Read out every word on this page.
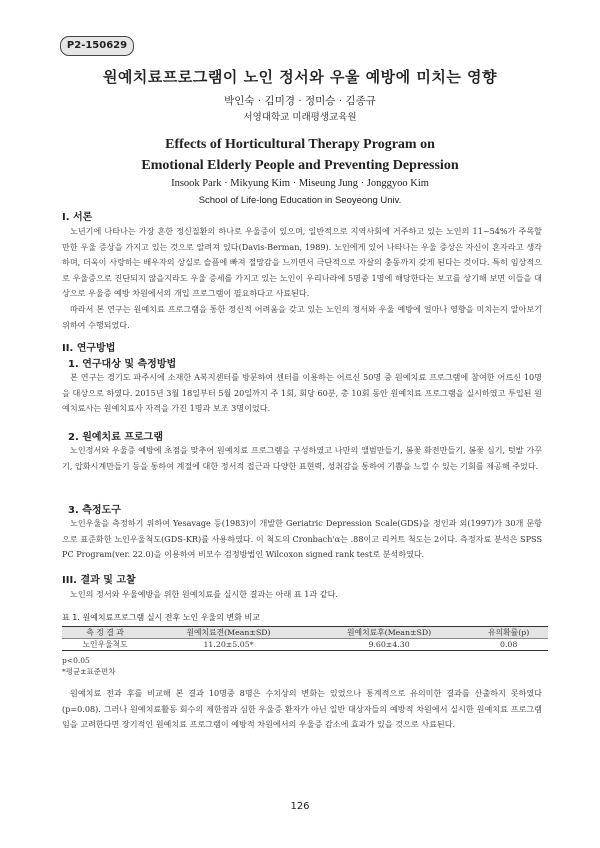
P2-150629
원예치료프로그램이 노인 정서와 우울 예방에 미치는 영향
박인숙 · 김미경 · 정미승 · 김종규
서영대학교 미래평생교육원
Effects of Horticultural Therapy Program on
Emotional Elderly People and Preventing Depression
Insook Park · Mikyung Kim · Miseung Jung · Jonggyoo Kim
School of Life-long Education in Seoyeong Univ.
I. 서론

노년기에 나타나는 가장 흔한 정신질환의 하나로 우울증이 있으며, 일반적으로 지역사회에 거주하고 있는 노인의 11~54%가 주목할 만한 우울 증상을 가지고 있는 것으로 알려져 있다(Davis-Berman, 1989). 노인에게 있어 나타나는 우울 증상은 자신이 혼자라고 생각하며, 더욱이 사랑하는 배우자의 상실로 슬픔에 빠져 절망감을 느끼면서 극단적으로 자살의 충동까지 갖게 된다는 것이다. 특히 임상적으로 우울증으로 진단되지 않을지라도 우울 증세를 가지고 있는 노인이 우리나라에 5명중 1명에 해당한다는 보고를 상기해 보면 이들을 대상으로 우울증 예방 차원에서의 개입 프로그램이 필요하다고 사료된다.

따라서 본 연구는 원예치료 프로그램을 통한 정신적 어려움을 갖고 있는 노인의 정서와 우울 예방에 얼마나 영향을 미치는지 알아보기 위하여 수행되었다.

II. 연구방법
1. 연구대상 및 측정방법

본 연구는 경기도 파주시에 소재한 A복지센터를 방문하여 센터를 이용하는 어르신 50명 중 원예치료 프로그램에 참여한 어르신 10명을 대상으로 하였다. 2015년 3월 18일부터 5월 20일까지 주 1회, 회당 60분, 총 10회 동안 원예치료 프로그램을 실시하였고 투입된 원예치료사는 원예치료사 자격을 가진 1명과 보조 3명이었다.

2. 원예치료 프로그램

노인정서와 우울증 예방에 초점을 맞추어 원예치료 프로그램을 구성하였고 나만의 앨범만들기, 봄꽃 화전만들기, 봄꽃 심기, 텃밭 가꾸기, 압화시계만들기 등을 통하여 계절에 대한 정서적 접근과 다양한 표현력, 성취감을 통하여 기쁨을 느낄 수 있는 기회를 제공해 주었다.

3. 측정도구

노인우울을 측정하기 위하여 Yesavage 등(1983)이 개발한 Geriatric Depression Scale(GDS)을 정인과 외(1997)가 30개 문항으로 표준화한 노인우울척도(GDS-KR)를 사용하였다. 이 척도의 Cronbach'α는 .88이고 리커트 척도는 2이다. 측정자료 분석은 SPSS PC Program(ver. 22.0)을 이용하여 비모수 검정방법인 Wilcoxon signed rank test로 분석하였다.

III. 결과 및 고찰

노인의 정서와 우울예방을 위한 원예치료를 실시한 결과는 아래 표 1과 같다.

표 1. 원예치료프로그램 실시 전후 노인 우울의 변화 비교
측 정 결 과	원예치료전(Mean±SD)	원예치료후(Mean±SD)	유의확률(p)
노인우울척도	11.20±5.05*	9.60±4.30	0.08
p<0.05
*평균±표준편차

원예치료 전과 후를 비교해 본 결과 10명중 8명은 수치상의 변화는 있었으나 통계적으로 유의미한 결과를 산출하지 못하였다(p=0.08). 그러나 원예치료활동 회수의 제한점과 심한 우울증 환자가 아닌 일반 대상자들의 예방적 차원에서 실시한 원예치료 프로그램임을 고려한다면 장기적인 원예치료 프로그램이 예방적 차원에서의 우울증 감소에 효과가 있을 것으로 사료된다.

126
